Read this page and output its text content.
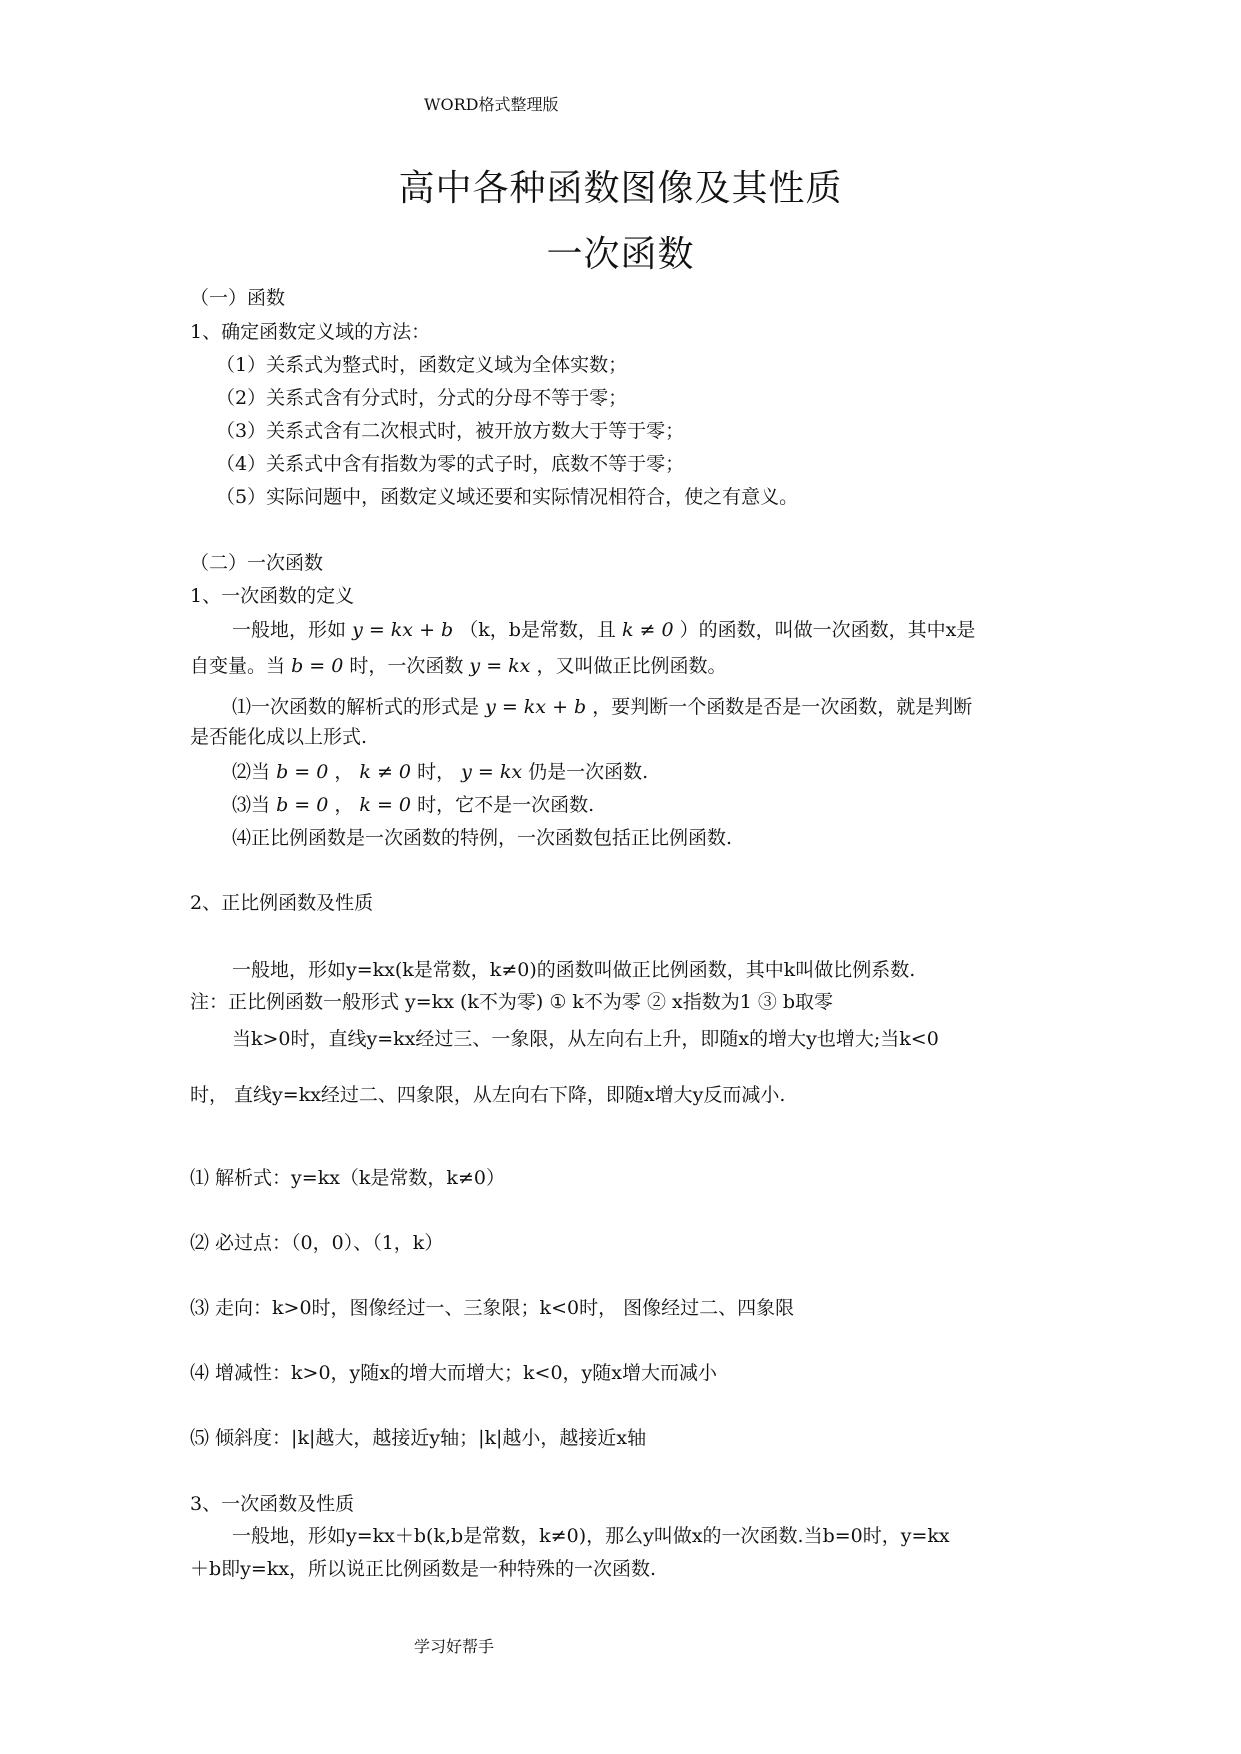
WORD格式整理版
高中各种函数图像及其性质
一次函数
（一）函数
1、确定函数定义域的方法：
（1）关系式为整式时，函数定义域为全体实数；
（2）关系式含有分式时，分式的分母不等于零；
（3）关系式含有二次根式时，被开放方数大于等于零；
（4）关系式中含有指数为零的式子时，底数不等于零；
（5）实际问题中，函数定义域还要和实际情况相符合，使之有意义。
（二）一次函数
1、一次函数的定义
一般地，形如 y = kx + b （k，b是常数，且 k ≠ 0 ）的函数，叫做一次函数，其中x是
自变量。当 b = 0 时，一次函数 y = kx ，又叫做正比例函数。
⑴一次函数的解析式的形式是 y = kx + b ，要判断一个函数是否是一次函数，就是判断
是否能化成以上形式.
⑵当 b = 0 ， k ≠ 0 时， y = kx 仍是一次函数.
⑶当 b = 0 ， k = 0 时，它不是一次函数.
⑷正比例函数是一次函数的特例，一次函数包括正比例函数.
2、正比例函数及性质
一般地，形如y=kx(k是常数，k≠0)的函数叫做正比例函数，其中k叫做比例系数.
注：正比例函数一般形式 y=kx (k不为零) ① k不为零 ② x指数为1 ③ b取零
当k>0时，直线y=kx经过三、一象限，从左向右上升，即随x的增大y也增大;当k<0
时， 直线y=kx经过二、四象限，从左向右下降，即随x增大y反而减小.
⑴ 解析式：y=kx（k是常数，k≠0）
⑵ 必过点：（0，0）、（1，k）
⑶ 走向：k>0时，图像经过一、三象限；k<0时， 图像经过二、四象限
⑷ 增减性：k>0，y随x的增大而增大；k<0，y随x增大而减小
⑸ 倾斜度：|k|越大，越接近y轴；|k|越小，越接近x轴
3、一次函数及性质
一般地，形如y=kx＋b(k,b是常数，k≠0)，那么y叫做x的一次函数.当b=0时，y=kx
＋b即y=kx，所以说正比例函数是一种特殊的一次函数.
学习好帮手
